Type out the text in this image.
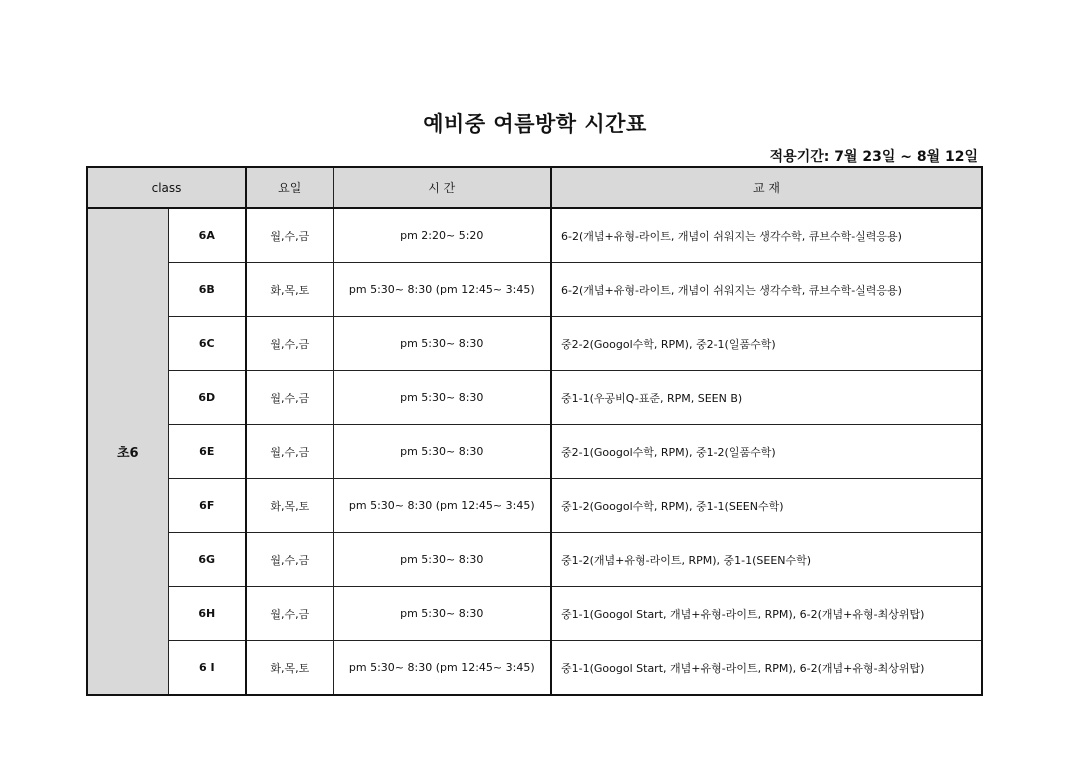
예비중 여름방학 시간표
적용기간: 7월 23일 ~ 8월 12일
class		요일	시 간	교 재
초6	6A	월,수,금	pm 2:20~ 5:20	6-2(개념+유형-라이트, 개념이 쉬워지는 생각수학, 큐브수학-실력응용)
	6B	화,목,토	pm 5:30~ 8:30 (pm 12:45~ 3:45)	6-2(개념+유형-라이트, 개념이 쉬워지는 생각수학, 큐브수학-실력응용)
	6C	월,수,금	pm 5:30~ 8:30	중2-2(Googol수학, RPM), 중2-1(일품수학)
	6D	월,수,금	pm 5:30~ 8:30	중1-1(우공비Q-표준, RPM, SEEN B)
	6E	월,수,금	pm 5:30~ 8:30	중2-1(Googol수학, RPM), 중1-2(일품수학)
	6F	화,목,토	pm 5:30~ 8:30 (pm 12:45~ 3:45)	중1-2(Googol수학, RPM), 중1-1(SEEN수학)
	6G	월,수,금	pm 5:30~ 8:30	중1-2(개념+유형-라이트, RPM), 중1-1(SEEN수학)
	6H	월,수,금	pm 5:30~ 8:30	중1-1(Googol Start, 개념+유형-라이트, RPM), 6-2(개념+유형-최상위탑)
	6 I	화,목,토	pm 5:30~ 8:30 (pm 12:45~ 3:45)	중1-1(Googol Start, 개념+유형-라이트, RPM), 6-2(개념+유형-최상위탑)
